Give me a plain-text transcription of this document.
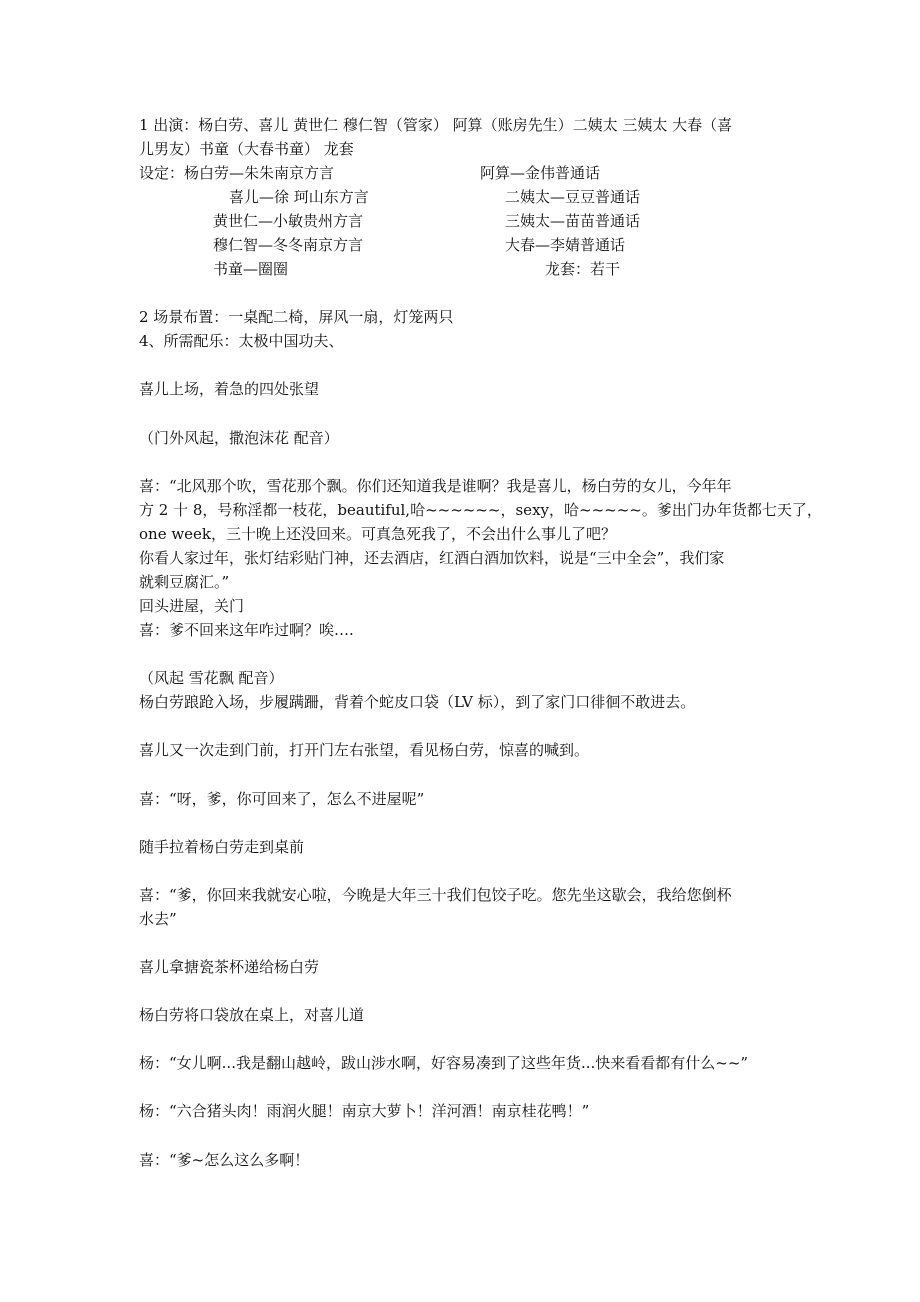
1 出演：杨白劳、喜儿 黄世仁 穆仁智（管家） 阿算（账房先生）二姨太 三姨太 大春（喜
儿男友）书童（大春书童） 龙套
设定：杨白劳—朱朱南京方言
喜儿—徐 珂山东方言
黄世仁—小敏贵州方言
穆仁智—冬冬南京方言
书童—圈圈
阿算—金伟普通话
二姨太—豆豆普通话
三姨太—苗苗普通话
大春—李婧普通话
龙套：若干
2 场景布置：一桌配二椅，屏风一扇，灯笼两只
4、所需配乐：太极中国功夫、
喜儿上场，着急的四处张望
（门外风起，撒泡沫花 配音）
喜：“北风那个吹，雪花那个飘。你们还知道我是谁啊？我是喜儿，杨白劳的女儿，今年年
方 2 十 8，号称淫都一枝花，beautiful,哈~~~~~~，sexy，哈~~~~~。爹出门办年货都七天了，
one week，三十晚上还没回来。可真急死我了，不会出什么事儿了吧？
你看人家过年，张灯结彩贴门神，还去酒店，红酒白酒加饮料，说是“三中全会”，我们家
就剩豆腐汇。”
回头进屋，关门
喜：爹不回来这年咋过啊？唉….
（风起 雪花飘 配音）
杨白劳踉跄入场，步履蹒跚，背着个蛇皮口袋（LV 标），到了家门口徘徊不敢进去。
喜儿又一次走到门前，打开门左右张望，看见杨白劳，惊喜的喊到。
喜：“呀，爹，你可回来了，怎么不进屋呢”
随手拉着杨白劳走到桌前
喜：“爹，你回来我就安心啦，今晚是大年三十我们包饺子吃。您先坐这歇会，我给您倒杯
水去”
喜儿拿搪瓷茶杯递给杨白劳
杨白劳将口袋放在桌上，对喜儿道
杨：“女儿啊...我是翻山越岭，跋山涉水啊，好容易凑到了这些年货...快来看看都有什么~~”
杨：“六合猪头肉！雨润火腿！南京大萝卜！洋河酒！南京桂花鸭！”
喜：“爹~怎么这么多啊！
